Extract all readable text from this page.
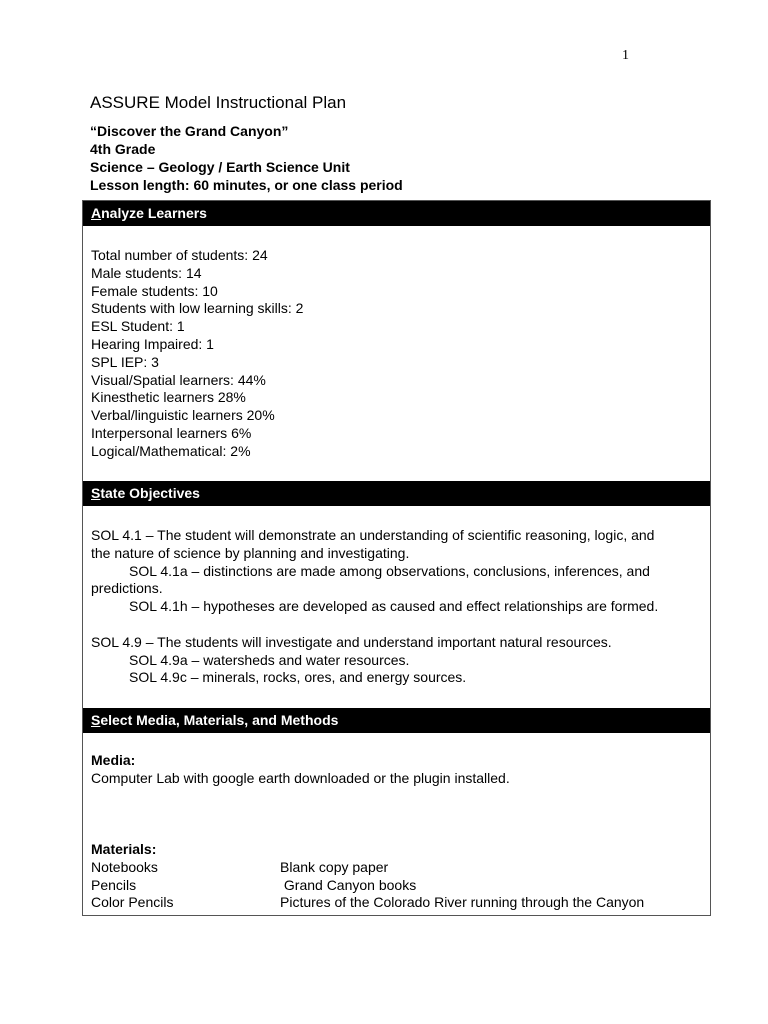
1
ASSURE Model Instructional Plan
“Discover the Grand Canyon”
4th Grade
Science – Geology / Earth Science Unit
Lesson length: 60 minutes, or one class period
Analyze Learners
Total number of students: 24
Male students: 14
Female students: 10
Students with low learning skills: 2
ESL Student: 1
Hearing Impaired: 1
SPL IEP: 3
Visual/Spatial learners: 44%
Kinesthetic learners 28%
Verbal/linguistic learners 20%
Interpersonal learners 6%
Logical/Mathematical: 2%
State Objectives
SOL 4.1 – The student will demonstrate an understanding of scientific reasoning, logic, and
the nature of science by planning and investigating.
SOL 4.1a – distinctions are made among observations, conclusions, inferences, and
predictions.
SOL 4.1h – hypotheses are developed as caused and effect relationships are formed.
SOL 4.9 – The students will investigate and understand important natural resources.
SOL 4.9a – watersheds and water resources.
SOL 4.9c – minerals, rocks, ores, and energy sources.
Select Media, Materials, and Methods
Media:
Computer Lab with google earth downloaded or the plugin installed.
Materials:
Notebooks	Blank copy paper
Pencils	Grand Canyon books
Color Pencils	Pictures of the Colorado River running through the Canyon
